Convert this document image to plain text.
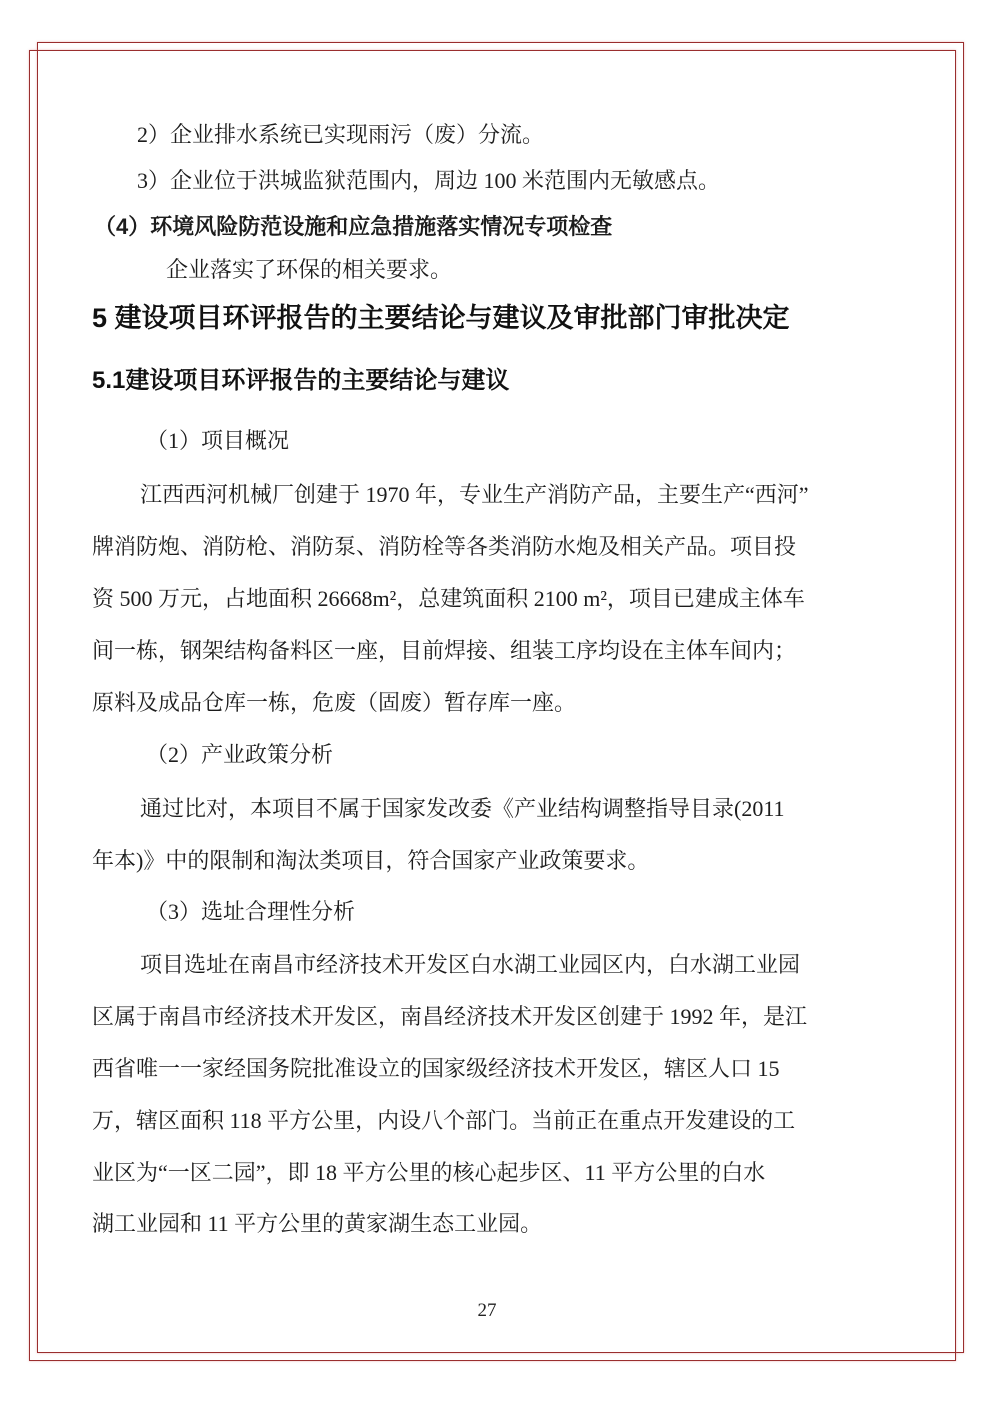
2）企业排水系统已实现雨污（废）分流。
3）企业位于洪城监狱范围内，周边 100 米范围内无敏感点。
（4）环境风险防范设施和应急措施落实情况专项检查
企业落实了环保的相关要求。
5 建设项目环评报告的主要结论与建议及审批部门审批决定
5.1建设项目环评报告的主要结论与建议
（1）项目概况
江西西河机械厂创建于 1970 年，专业生产消防产品，主要生产“西河”
牌消防炮、消防枪、消防泵、消防栓等各类消防水炮及相关产品。项目投
资 500 万元，占地面积 26668m²，总建筑面积 2100 m²，项目已建成主体车
间一栋，钢架结构备料区一座，目前焊接、组装工序均设在主体车间内；
原料及成品仓库一栋，危废（固废）暂存库一座。
（2）产业政策分析
通过比对，本项目不属于国家发改委《产业结构调整指导目录(2011
年本)》中的限制和淘汰类项目，符合国家产业政策要求。
（3）选址合理性分析
项目选址在南昌市经济技术开发区白水湖工业园区内，白水湖工业园
区属于南昌市经济技术开发区，南昌经济技术开发区创建于 1992 年，是江
西省唯一一家经国务院批准设立的国家级经济技术开发区，辖区人口 15
万，辖区面积 118 平方公里，内设八个部门。当前正在重点开发建设的工
业区为“一区二园”，即 18 平方公里的核心起步区、11 平方公里的白水
湖工业园和 11 平方公里的黄家湖生态工业园。
27
